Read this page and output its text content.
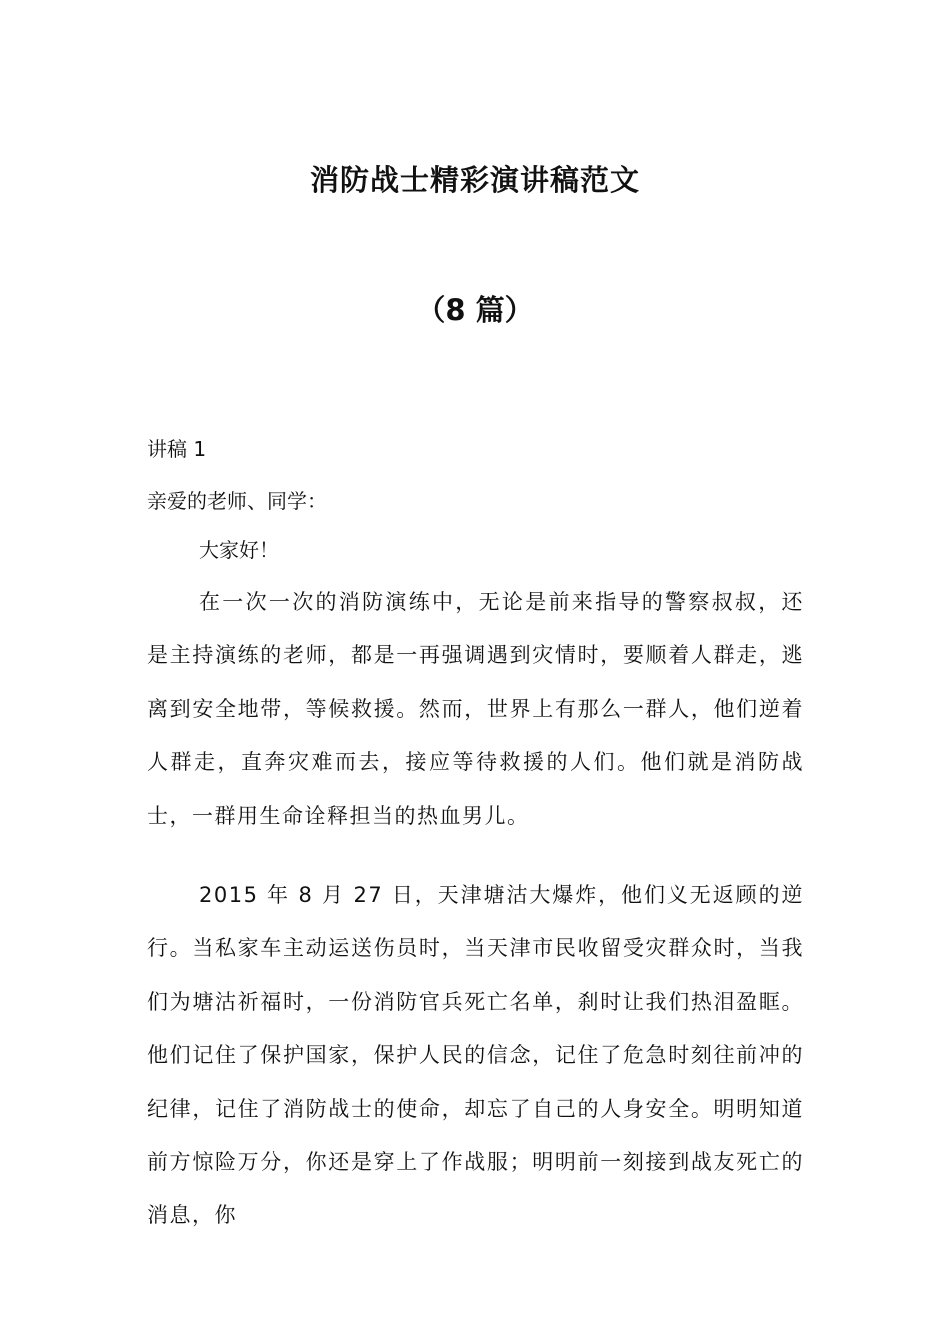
消防战士精彩演讲稿范文
（8 篇）
讲稿 1
亲爱的老师、同学：
大家好！

在一次一次的消防演练中，无论是前来指导的警察叔叔，还是主持演练的老师，都是一再强调遇到灾情时，要顺着人群走，逃离到安全地带，等候救援。然而，世界上有那么一群人，他们逆着人群走，直奔灾难而去，接应等待救援的人们。他们就是消防战士，一群用生命诠释担当的热血男儿。

2015 年 8 月 27 日，天津塘沽大爆炸，他们义无返顾的逆行。当私家车主动运送伤员时，当天津市民收留受灾群众时，当我们为塘沽祈福时，一份消防官兵死亡名单，刹时让我们热泪盈眶。他们记住了保护国家，保护人民的信念，记住了危急时刻往前冲的纪律，记住了消防战士的使命，却忘了自己的人身安全。明明知道前方惊险万分，你还是穿上了作战服；明明前一刻接到战友死亡的消息，你
